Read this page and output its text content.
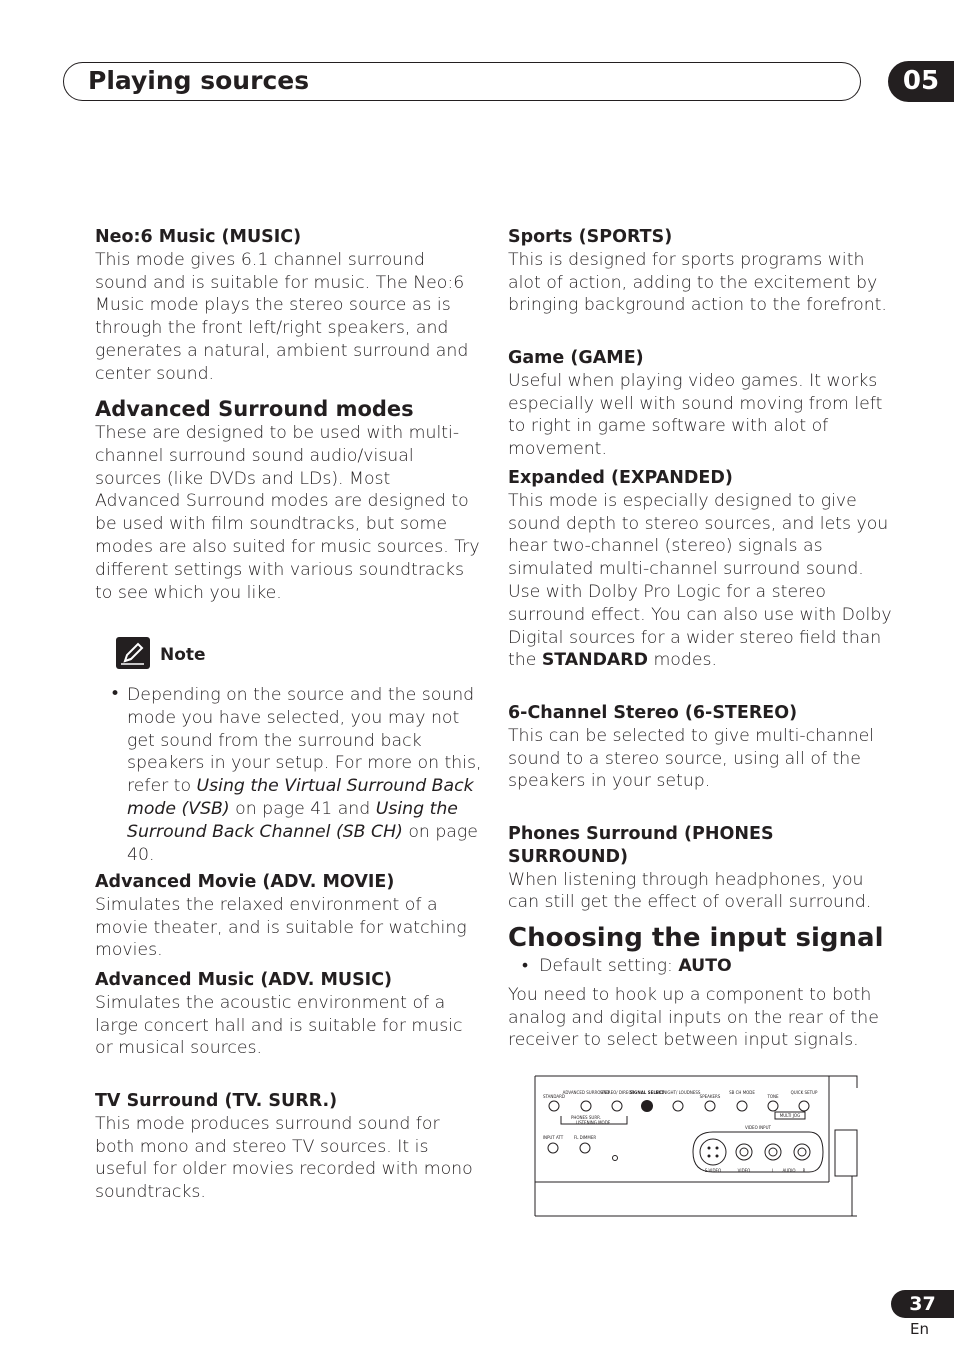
Playing sources	05
Neo:6 Music (MUSIC)

This mode gives 6.1 channel surround sound and is suitable for music. The Neo:6 Music mode plays the stereo source as is through the front left/right speakers, and generates a natural, ambient surround and center sound.

Advanced Surround modes

These are designed to be used with multi-channel surround sound audio/visual sources (like DVDs and LDs). Most Advanced Surround modes are designed to be used with film soundtracks, but some modes are also suited for music sources. Try different settings with various soundtracks to see which you like.

Note
• Depending on the source and the sound mode you have selected, you may not get sound from the surround back speakers in your setup. For more on this, refer to Using the Virtual Surround Back mode (VSB) on page 41 and Using the Surround Back Channel (SB CH) on page 40.

Advanced Movie (ADV. MOVIE)

Simulates the relaxed environment of a movie theater, and is suitable for watching movies.

Advanced Music (ADV. MUSIC)

Simulates the acoustic environment of a large concert hall and is suitable for music or musical sources.

TV Surround (TV. SURR.)

This mode produces surround sound for both mono and stereo TV sources. It is useful for older movies recorded with mono soundtracks.

Sports (SPORTS)

This is designed for sports programs with alot of action, adding to the excitement by bringing background action to the forefront.

Game (GAME)

Useful when playing video games. It works especially well with sound moving from left to right in game software with alot of movement.

Expanded (EXPANDED)

This mode is especially designed to give sound depth to stereo sources, and lets you hear two-channel (stereo) signals as simulated multi-channel surround sound. Use with Dolby Pro Logic for a stereo surround effect. You can also use with Dolby Digital sources for a wider stereo field than the STANDARD modes.

6-Channel Stereo (6-STEREO)

This can be selected to give multi-channel sound to a stereo source, using all of the speakers in your setup.

Phones Surround (PHONES SURROUND)

When listening through headphones, you can still get the effect of overall surround.

Choosing the input signal

• Default setting: AUTO

You need to hook up a component to both analog and digital inputs on the rear of the receiver to select between input signals.

STANDARD
ADVANCED SURROUND
STEREO/ DIRECT
SIGNAL SELECT
MIDNIGHT/ LOUDNESS
SPEAKERS
SB CH MODE
TONE
QUICK SETUP
PHONES SURR.
LISTENING MODE
MULTI JOG
VIDEO INPUT
INPUT ATT	FL DIMMER
S-VIDEO	VIDEO	L AUDIO R
37
En
